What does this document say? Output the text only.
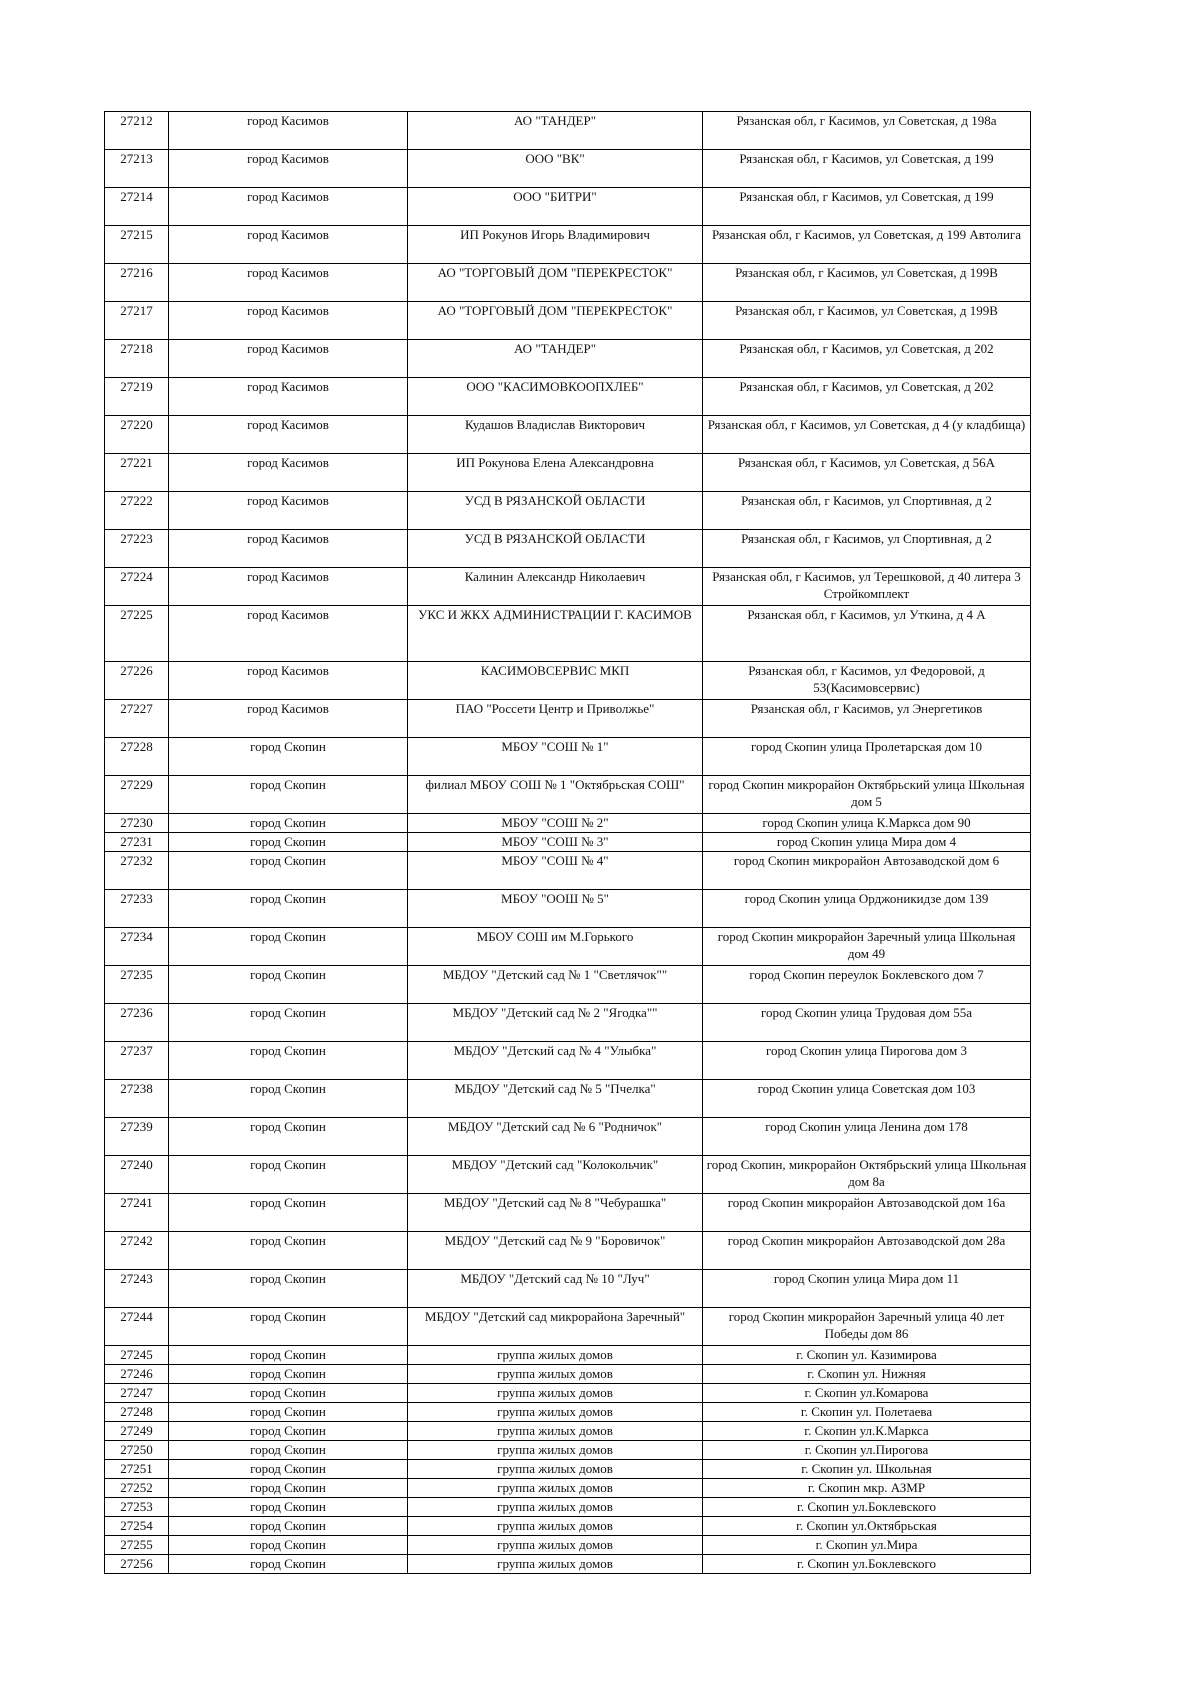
27212	город Касимов	АО "ТАНДЕР"	Рязанская обл, г Касимов, ул Советская, д 198а
27213	город Касимов	ООО "ВК"	Рязанская обл, г Касимов, ул Советская, д 199
27214	город Касимов	ООО "БИТРИ"	Рязанская обл, г Касимов, ул Советская, д 199
27215	город Касимов	ИП Рокунов Игорь Владимирович	Рязанская обл, г Касимов, ул Советская, д 199 Автолига
27216	город Касимов	АО "ТОРГОВЫЙ ДОМ "ПЕРЕКРЕСТОК"	Рязанская обл, г Касимов, ул Советская, д 199В
27217	город Касимов	АО "ТОРГОВЫЙ ДОМ "ПЕРЕКРЕСТОК"	Рязанская обл, г Касимов, ул Советская, д 199В
27218	город Касимов	АО "ТАНДЕР"	Рязанская обл, г Касимов, ул Советская, д 202
27219	город Касимов	ООО "КАСИМОВКООПХЛЕБ"	Рязанская обл, г Касимов, ул Советская, д 202
27220	город Касимов	Кудашов Владислав Викторович	Рязанская обл, г Касимов, ул Советская, д 4 (у кладбища)
27221	город Касимов	ИП Рокунова Елена Александровна	Рязанская обл, г Касимов, ул Советская, д 56А
27222	город Касимов	УСД В РЯЗАНСКОЙ ОБЛАСТИ	Рязанская обл, г Касимов, ул Спортивная, д 2
27223	город Касимов	УСД В РЯЗАНСКОЙ ОБЛАСТИ	Рязанская обл, г Касимов, ул Спортивная, д 2
27224	город Касимов	Калинин Александр Николаевич	Рязанская обл, г Касимов, ул Терешковой, д 40 литера 3 Стройкомплект
27225	город Касимов	УКС И ЖКХ АДМИНИСТРАЦИИ Г. КАСИМОВ	Рязанская обл, г Касимов, ул Уткина, д 4 А
27226	город Касимов	КАСИМОВСЕРВИС МКП	Рязанская обл, г Касимов, ул Федоровой, д 53(Касимовсервис)
27227	город Касимов	ПАО "Россети Центр и Приволжье"	Рязанская обл, г Касимов, ул Энергетиков
27228	город Скопин	МБОУ "СОШ № 1"	город Скопин улица Пролетарская дом 10
27229	город Скопин	филиал МБОУ СОШ № 1 "Октябрьская СОШ"	город Скопин микрорайон Октябрьский улица Школьная дом 5
27230	город Скопин	МБОУ "СОШ № 2"	город Скопин улица К.Маркса дом 90
27231	город Скопин	МБОУ "СОШ № 3"	город Скопин улица Мира дом 4
27232	город Скопин	МБОУ "СОШ № 4"	город Скопин микрорайон Автозаводской дом 6
27233	город Скопин	МБОУ "ООШ № 5"	город Скопин улица Орджоникидзе дом 139
27234	город Скопин	МБОУ СОШ им М.Горького	город Скопин микрорайон Заречный улица Школьная дом 49
27235	город Скопин	МБДОУ "Детский сад № 1 "Светлячок""	город Скопин переулок Боклевского дом 7
27236	город Скопин	МБДОУ "Детский сад № 2 "Ягодка""	город Скопин улица Трудовая дом 55а
27237	город Скопин	МБДОУ "Детский сад № 4 "Улыбка"	город Скопин улица Пирогова дом 3
27238	город Скопин	МБДОУ "Детский сад № 5 "Пчелка"	город Скопин улица Советская дом 103
27239	город Скопин	МБДОУ "Детский сад № 6 "Родничок"	город Скопин улица Ленина дом 178
27240	город Скопин	МБДОУ "Детский сад "Колокольчик"	город Скопин, микрорайон Октябрьский улица Школьная дом 8а
27241	город Скопин	МБДОУ "Детский сад № 8 "Чебурашка"	город Скопин микрорайон Автозаводской дом 16а
27242	город Скопин	МБДОУ "Детский сад № 9 "Боровичок"	город Скопин микрорайон Автозаводской дом 28а
27243	город Скопин	МБДОУ "Детский сад № 10 "Луч"	город Скопин улица Мира дом 11
27244	город Скопин	МБДОУ "Детский сад микрорайона Заречный"	город Скопин микрорайон Заречный улица 40 лет Победы дом 86
27245	город Скопин	группа жилых домов	г. Скопин ул. Казимирова
27246	город Скопин	группа жилых домов	г. Скопин ул. Нижняя
27247	город Скопин	группа жилых домов	г. Скопин ул.Комарова
27248	город Скопин	группа жилых домов	г. Скопин ул. Полетаева
27249	город Скопин	группа жилых домов	г. Скопин ул.К.Маркса
27250	город Скопин	группа жилых домов	г. Скопин ул.Пирогова
27251	город Скопин	группа жилых домов	г. Скопин ул. Школьная
27252	город Скопин	группа жилых домов	г. Скопин мкр. АЗМР
27253	город Скопин	группа жилых домов	г. Скопин ул.Боклевского
27254	город Скопин	группа жилых домов	г. Скопин ул.Октябрьская
27255	город Скопин	группа жилых домов	г. Скопин ул.Мира
27256	город Скопин	группа жилых домов	г. Скопин ул.Боклевского
